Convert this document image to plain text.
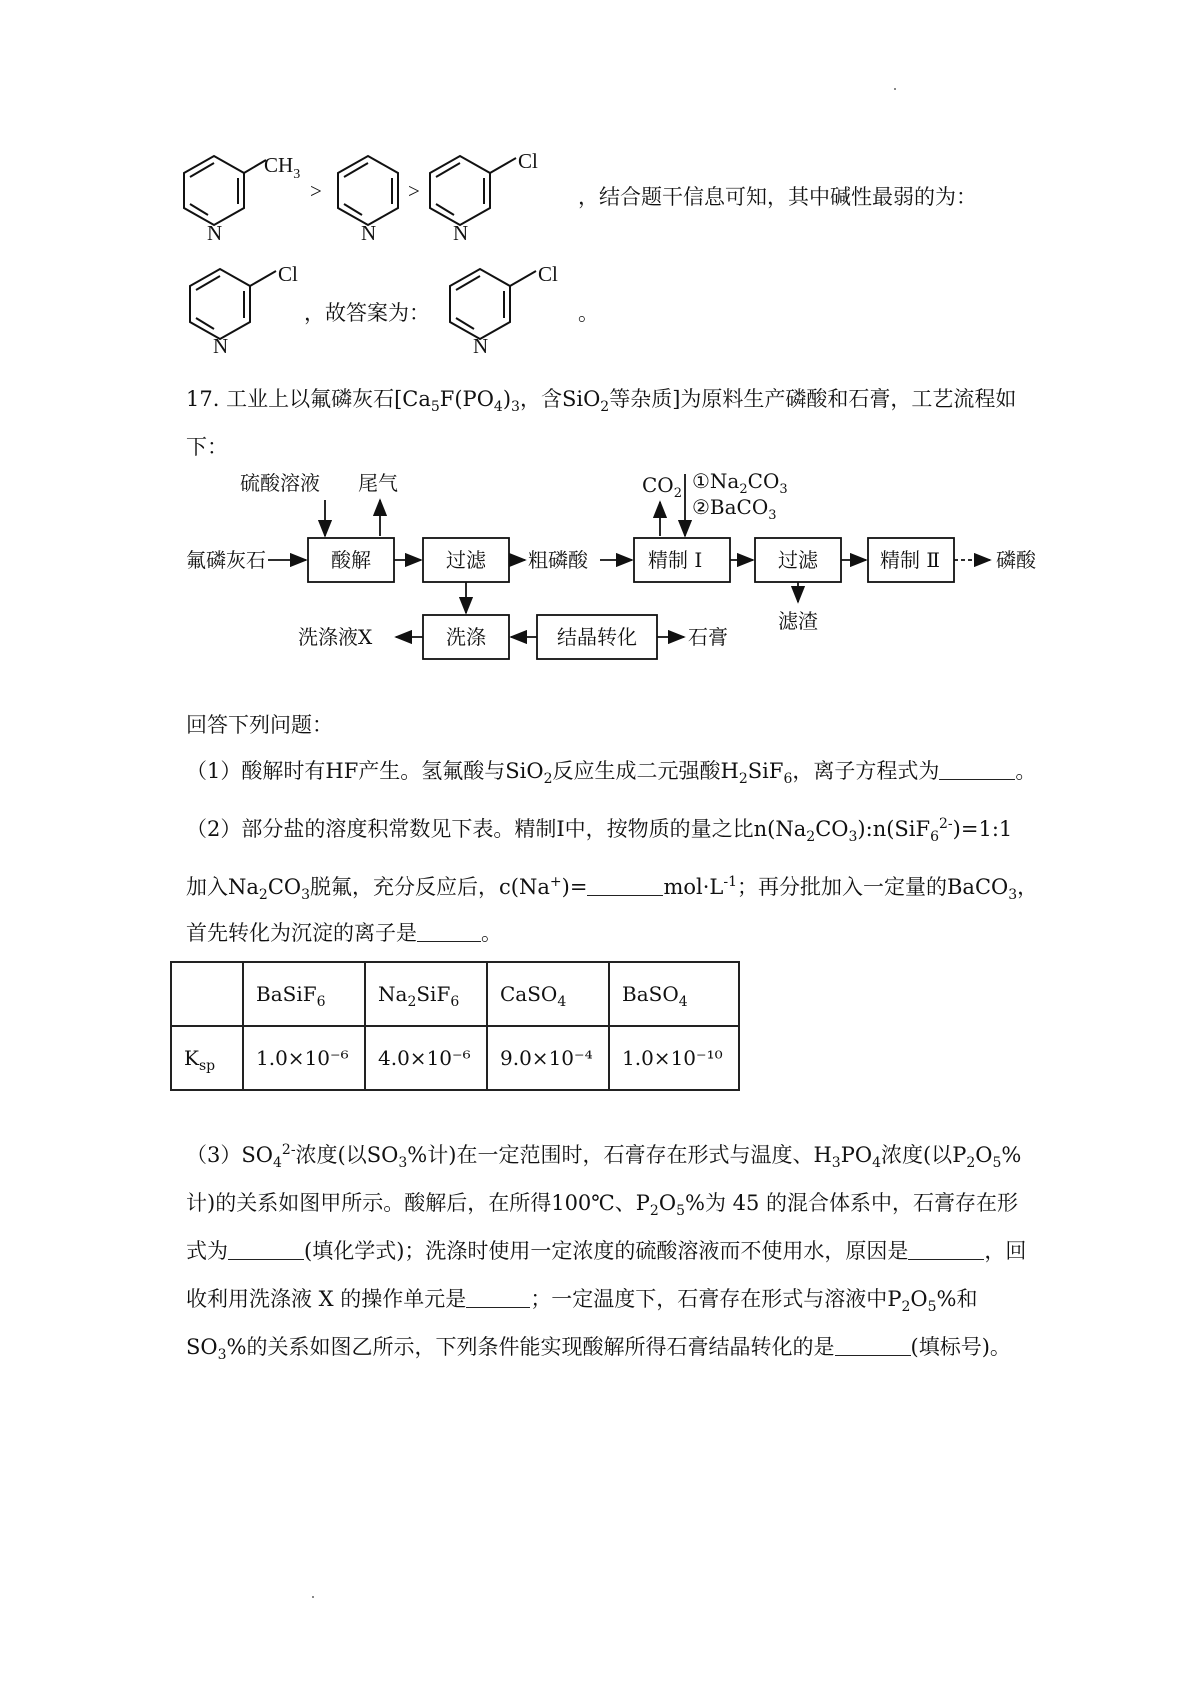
$CH_3$
N
>
N
>
Cl
N
，结合题干信息可知，其中碱性最弱的为：
Cl
N
，故答案为：
Cl
N
。
17. 工业上以氟磷灰石[$Ca_5F(PO_4)_3$，含SiO$_2$等杂质]为原料生产磷酸和石膏，工艺流程如
下：
氟磷灰石
硫酸溶液 尾气
酸解	过滤 粗磷酸
$CO_2$
$①Na_2CO_3$
②BaCO$_3$
精制 Ⅰ	过滤	精制 Ⅱ	磷酸
滤渣
洗涤液X	洗涤	结晶转化	石膏
回答下列问题：
（1）酸解时有HF产生。氢氟酸与SiO$_2$反应生成二元强酸$H_2SiF_6$，离子方程式为	。
（2）部分盐的溶度积常数见下表。精制Ⅰ中，按物质的量之比$n(Na_2CO_3):n(SiF_6^{2-})=1:1$
加入$Na_2CO_3$脱氟，充分反应后，c(Na+)=	$mol\cdot L^{-1}$；再分批加入一定量的BaCO$_3$，
首先转化为沉淀的离子是	。
	BaSiF$_6$	$Na_2SiF_6$	CaSO$_4$	BaSO$_4$
$K_{sp}$	1.0×10⁻⁶	4.0×10⁻⁶	9.0×10⁻⁴	1.0×10⁻¹⁰
$(3)SO_4^{2-}$浓度(以$SO_3\%$计)在一定范围时，石膏存在形式与温度、$H_3PO_4$浓度(以$P_2O_5\%$
计)的关系如图甲所示。酸解后，在所得100℃、$P_2O_5\%$为 45 的混合体系中，石膏存在形
式为	(填化学式)；洗涤时使用一定浓度的硫酸溶液而不使用水，原因是	，回
收利用洗涤液 X 的操作单元是	；一定温度下，石膏存在形式与溶液中$P_2O_5\%$和
$SO_3\%$的关系如图乙所示，下列条件能实现酸解所得石膏结晶转化的是	(填标号)。
